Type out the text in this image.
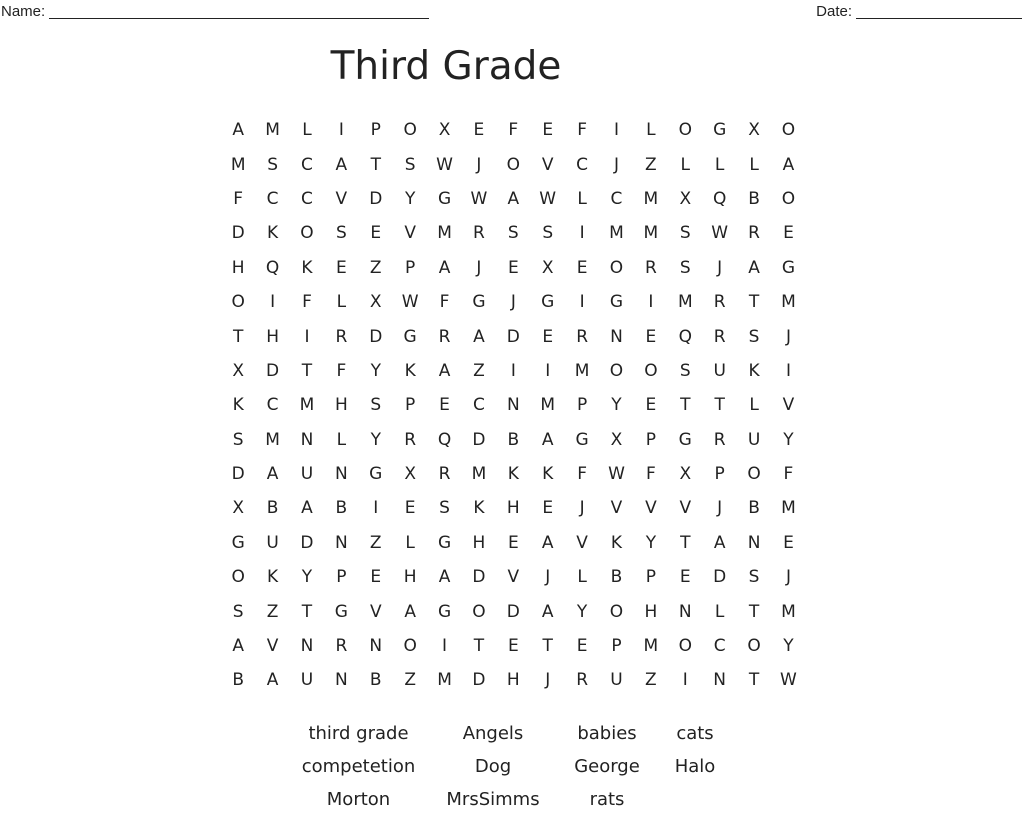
Name:	Date:
Third Grade
A	M	L	I	P	O	X	E	F	E	F	I	L	O	G	X	O
M	S	C	A	T	S	W	J	O	V	C	J	Z	L	L	L	A
F	C	C	V	D	Y	G	W	A	W	L	C	M	X	Q	B	O
D	K	O	S	E	V	M	R	S	S	I	M	M	S	W	R	E
H	Q	K	E	Z	P	A	J	E	X	E	O	R	S	J	A	G
O	I	F	L	X	W	F	G	J	G	I	G	I	M	R	T	M
T	H	I	R	D	G	R	A	D	E	R	N	E	Q	R	S	J
X	D	T	F	Y	K	A	Z	I	I	M	O	O	S	U	K	I
K	C	M	H	S	P	E	C	N	M	P	Y	E	T	T	L	V
S	M	N	L	Y	R	Q	D	B	A	G	X	P	G	R	U	Y
D	A	U	N	G	X	R	M	K	K	F	W	F	X	P	O	F
X	B	A	B	I	E	S	K	H	E	J	V	V	V	J	B	M
G	U	D	N	Z	L	G	H	E	A	V	K	Y	T	A	N	E
O	K	Y	P	E	H	A	D	V	J	L	B	P	E	D	S	J
S	Z	T	G	V	A	G	O	D	A	Y	O	H	N	L	T	M
A	V	N	R	N	O	I	T	E	T	E	P	M	O	C	O	Y
B	A	U	N	B	Z	M	D	H	J	R	U	Z	I	N	T	W
third grade	Angels	babies	cats
competetion	Dog	George	Halo
Morton	MrsSimms	rats
